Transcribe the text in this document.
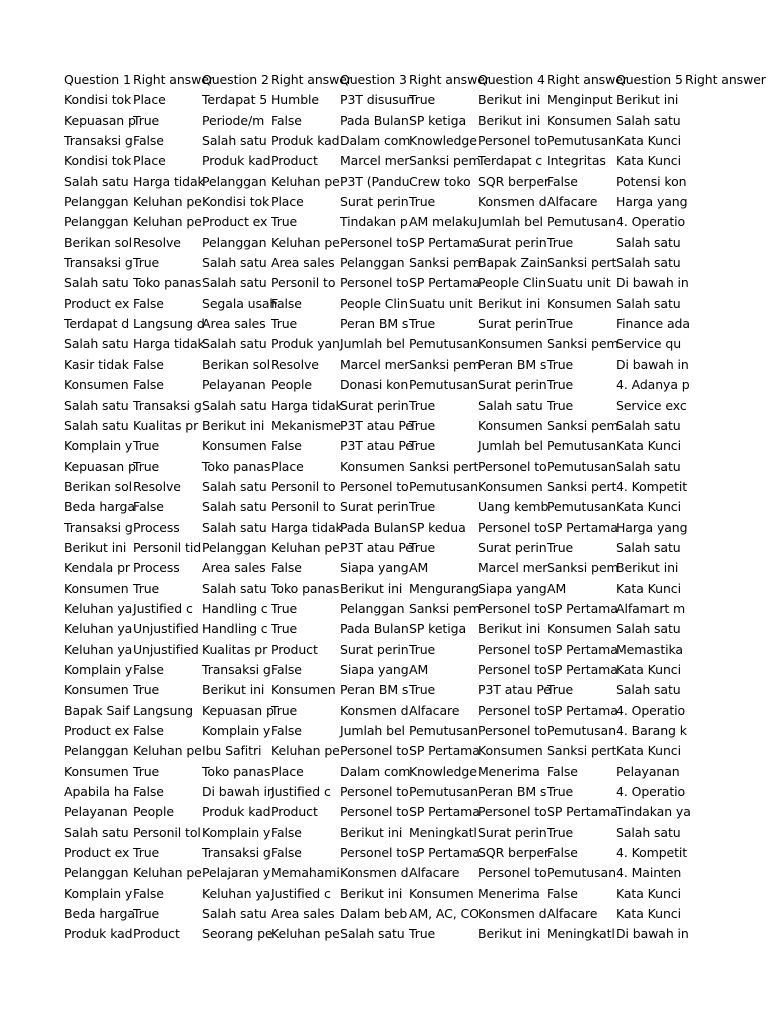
Question 1	Right answer	Question 2	Right answer	Question 3	Right answer	Question 4	Right answer	Question 5	Right answer
Kondisi tok	Place	Terdapat 5	Humble	P3T disusun	True	Berikut ini	Menginput	Berikut ini	
Kepuasan p	True	Periode/m	False	Pada Bulan	SP ketiga	Berikut ini	Konsumen	Salah satu	
Transaksi g	False	Salah satu	Produk kad	Dalam com	Knowledge	Personel to	Pemutusan	Kata Kunci	
Kondisi tok	Place	Produk kad	Product	Marcel mer	Sanksi pem	Terdapat c	Integritas	Kata Kunci	
Salah satu	Harga tidak	Pelanggan	Keluhan pe	P3T (Pandu	Crew toko	SQR berper	False	Potensi kon	
Pelanggan	Keluhan pe	Kondisi tok	Place	Surat perin	True	Konsmen d	Alfacare	Harga yang	
Pelanggan	Keluhan pe	Product ex	True	Tindakan p	AM melaku	Jumlah bel	Pemutusan	4. Operatio	
Berikan sol	Resolve	Pelanggan	Keluhan pe	Personel to	SP Pertama	Surat perin	True	Salah satu	
Transaksi g	True	Salah satu	Area sales	Pelanggan	Sanksi pem	Bapak Zain	Sanksi pert	Salah satu	
Salah satu	Toko panas	Salah satu	Personil to	Personel to	SP Pertama	People Clin	Suatu unit	Di bawah in	
Product ex	False	Segala usah	False	People Clin	Suatu unit	Berikut ini	Konsumen	Salah satu	
Terdapat d	Langsung d	Area sales	True	Peran BM s	True	Surat perin	True	Finance ada	
Salah satu	Harga tidak	Salah satu	Produk yan	Jumlah bel	Pemutusan	Konsumen	Sanksi pem	Service qu	
Kasir tidak	False	Berikan sol	Resolve	Marcel mer	Sanksi pem	Peran BM s	True	Di bawah in	
Konsumen	False	Pelayanan	People	Donasi kon	Pemutusan	Surat perin	True	4. Adanya p	
Salah satu	Transaksi g	Salah satu	Harga tidak	Surat perin	True	Salah satu	True	Service exc	
Salah satu	Kualitas pr	Berikut ini	Mekanisme	P3T atau Pe	True	Konsumen	Sanksi pem	Salah satu	
Komplain y	True	Konsumen	False	P3T atau Pe	True	Jumlah bel	Pemutusan	Kata Kunci	
Kepuasan p	True	Toko panas	Place	Konsumen	Sanksi pert	Personel to	Pemutusan	Salah satu	
Berikan sol	Resolve	Salah satu	Personil to	Personel to	Pemutusan	Konsumen	Sanksi pert	4. Kompetit	
Beda harga	False	Salah satu	Personil to	Surat perin	True	Uang kemb	Pemutusan	Kata Kunci	
Transaksi g	Process	Salah satu	Harga tidak	Pada Bulan	SP kedua	Personel to	SP Pertama	Harga yang	
Berikut ini	Personil tid	Pelanggan	Keluhan pe	P3T atau Pe	True	Surat perin	True	Salah satu	
Kendala pr	Process	Area sales	False	Siapa yang	AM	Marcel mer	Sanksi pem	Berikut ini	
Konsumen	True	Salah satu	Toko panas	Berikut ini	Mengurang	Siapa yang	AM	Kata Kunci	
Keluhan ya	Justified c	Handling c	True	Pelanggan	Sanksi pem	Personel to	SP Pertama	Alfamart m	
Keluhan ya	Unjustified	Handling c	True	Pada Bulan	SP ketiga	Berikut ini	Konsumen	Salah satu	
Keluhan ya	Unjustified	Kualitas pr	Product	Surat perin	True	Personel to	SP Pertama	Memastika	
Komplain y	False	Transaksi g	False	Siapa yang	AM	Personel to	SP Pertama	Kata Kunci	
Konsumen	True	Berikut ini	Konsumen	Peran BM s	True	P3T atau Pe	True	Salah satu	
Bapak Saif	Langsung	Kepuasan p	True	Konsmen d	Alfacare	Personel to	SP Pertama	4. Operatio	
Product ex	False	Komplain y	False	Jumlah bel	Pemutusan	Personel to	Pemutusan	4. Barang k	
Pelanggan	Keluhan pe	Ibu Safitri	Keluhan pe	Personel to	SP Pertama	Konsumen	Sanksi pert	Kata Kunci	
Konsumen	True	Toko panas	Place	Dalam com	Knowledge	Menerima	False	Pelayanan	
Apabila ha	False	Di bawah in	Justified c	Personel to	Pemutusan	Peran BM s	True	4. Operatio	
Pelayanan	People	Produk kad	Product	Personel to	SP Pertama	Personel to	SP Pertama	Tindakan ya	
Salah satu	Personil tol	Komplain y	False	Berikut ini	Meningkatl	Surat perin	True	Salah satu	
Product ex	True	Transaksi g	False	Personel to	SP Pertama	SQR berper	False	4. Kompetit	
Pelanggan	Keluhan pe	Pelajaran y	Memahami	Konsmen d	Alfacare	Personel to	Pemutusan	4. Mainten	
Komplain y	False	Keluhan ya	Justified c	Berikut ini	Konsumen	Menerima	False	Kata Kunci	
Beda harga	True	Salah satu	Area sales	Dalam beb	AM, AC, CO	Konsmen d	Alfacare	Kata Kunci	
Produk kad	Product	Seorang pe	Keluhan pe	Salah satu	True	Berikut ini	Meningkatl	Di bawah in	
